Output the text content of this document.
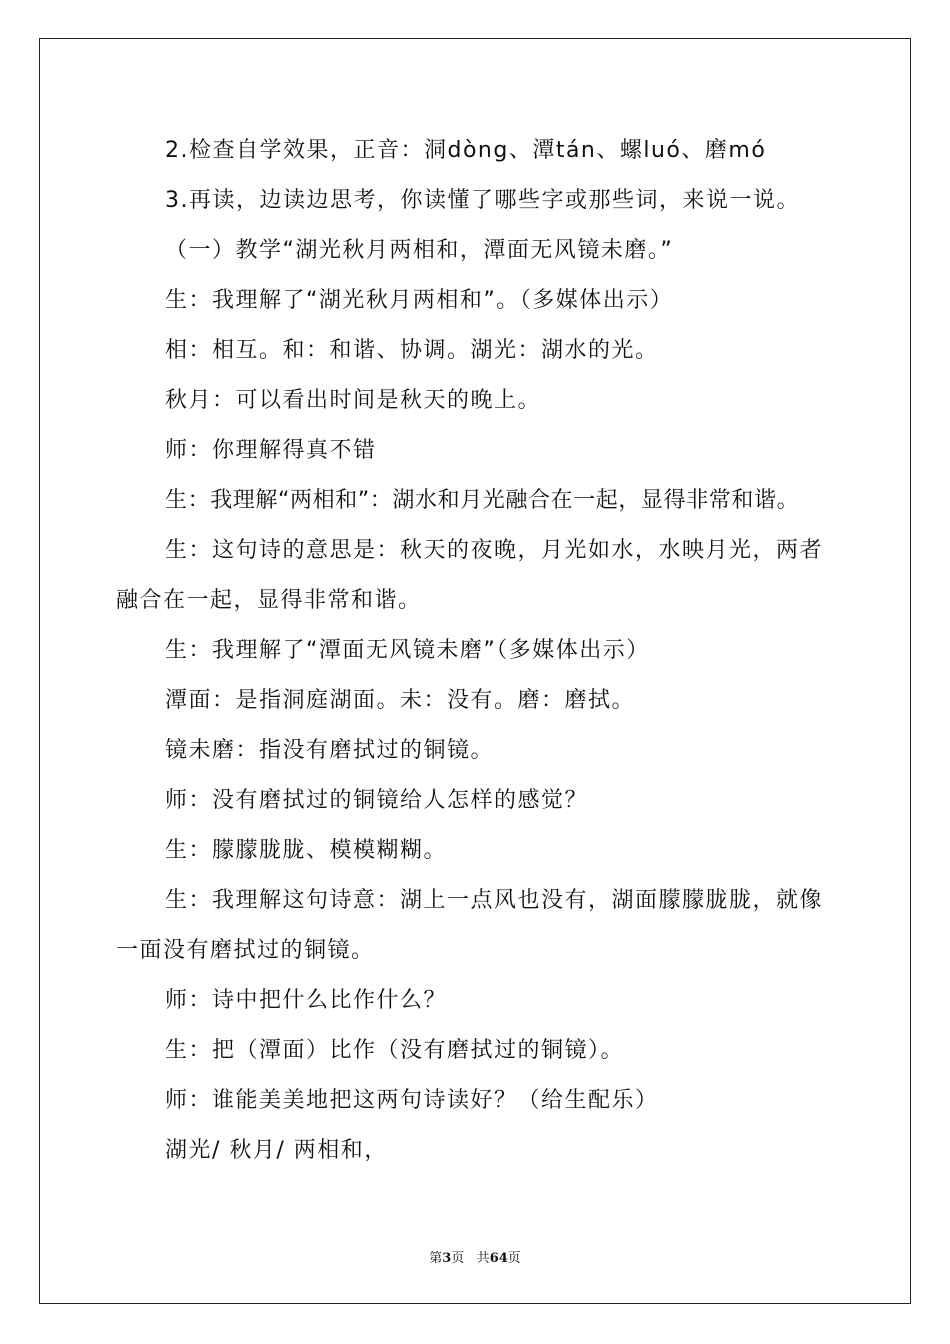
2.检查自学效果，正音：洞dòng、潭tán、螺luó、磨mó
3.再读，边读边思考，你读懂了哪些字或那些词，来说一说。
（一）教学“湖光秋月两相和，潭面无风镜未磨。”
生：我理解了“湖光秋月两相和”。（多媒体出示）
相：相互。和：和谐、协调。湖光：湖水的光。
秋月：可以看出时间是秋天的晚上。
师：你理解得真不错
生：我理解“两相和”：湖水和月光融合在一起，显得非常和谐。
生：这句诗的意思是：秋天的夜晚，月光如水，水映月光，两者
融合在一起，显得非常和谐。
生：我理解了“潭面无风镜未磨”（多媒体出示）
潭面：是指洞庭湖面。未：没有。磨：磨拭。
镜未磨：指没有磨拭过的铜镜。
师：没有磨拭过的铜镜给人怎样的感觉？
生：朦朦胧胧、模模糊糊。
生：我理解这句诗意：湖上一点风也没有，湖面朦朦胧胧，就像
一面没有磨拭过的铜镜。
师：诗中把什么比作什么？
生：把（潭面）比作（没有磨拭过的铜镜）。
师：谁能美美地把这两句诗读好？（给生配乐）
湖光/ 秋月/ 两相和，
第3页 共64页
